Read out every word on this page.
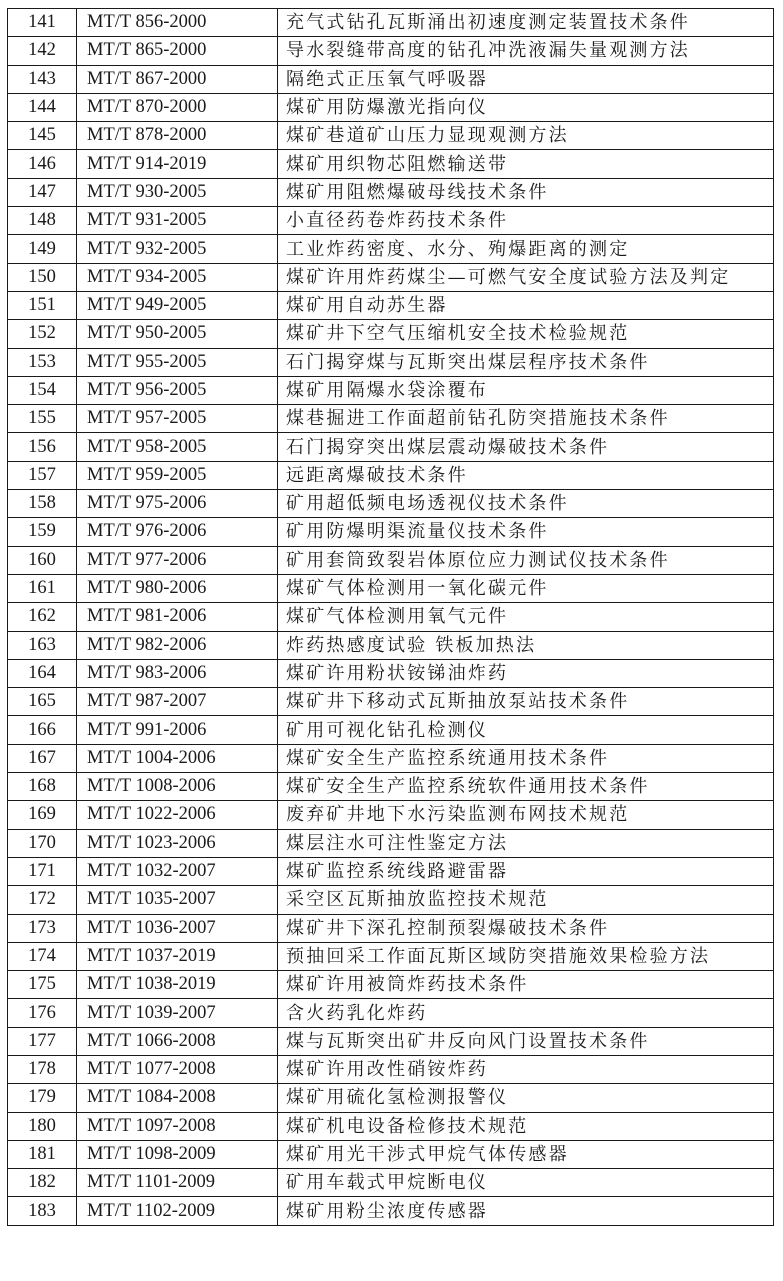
141	MT/T 856-2000	充气式钻孔瓦斯涌出初速度测定装置技术条件
142	MT/T 865-2000	导水裂缝带高度的钻孔冲洗液漏失量观测方法
143	MT/T 867-2000	隔绝式正压氧气呼吸器
144	MT/T 870-2000	煤矿用防爆激光指向仪
145	MT/T 878-2000	煤矿巷道矿山压力显现观测方法
146	MT/T 914-2019	煤矿用织物芯阻燃输送带
147	MT/T 930-2005	煤矿用阻燃爆破母线技术条件
148	MT/T 931-2005	小直径药卷炸药技术条件
149	MT/T 932-2005	工业炸药密度、水分、殉爆距离的测定
150	MT/T 934-2005	煤矿许用炸药煤尘—可燃气安全度试验方法及判定
151	MT/T 949-2005	煤矿用自动苏生器
152	MT/T 950-2005	煤矿井下空气压缩机安全技术检验规范
153	MT/T 955-2005	石门揭穿煤与瓦斯突出煤层程序技术条件
154	MT/T 956-2005	煤矿用隔爆水袋涂覆布
155	MT/T 957-2005	煤巷掘进工作面超前钻孔防突措施技术条件
156	MT/T 958-2005	石门揭穿突出煤层震动爆破技术条件
157	MT/T 959-2005	远距离爆破技术条件
158	MT/T 975-2006	矿用超低频电场透视仪技术条件
159	MT/T 976-2006	矿用防爆明渠流量仪技术条件
160	MT/T 977-2006	矿用套筒致裂岩体原位应力测试仪技术条件
161	MT/T 980-2006	煤矿气体检测用一氧化碳元件
162	MT/T 981-2006	煤矿气体检测用氧气元件
163	MT/T 982-2006	炸药热感度试验 铁板加热法
164	MT/T 983-2006	煤矿许用粉状铵锑油炸药
165	MT/T 987-2007	煤矿井下移动式瓦斯抽放泵站技术条件
166	MT/T 991-2006	矿用可视化钻孔检测仪
167	MT/T 1004-2006	煤矿安全生产监控系统通用技术条件
168	MT/T 1008-2006	煤矿安全生产监控系统软件通用技术条件
169	MT/T 1022-2006	废弃矿井地下水污染监测布网技术规范
170	MT/T 1023-2006	煤层注水可注性鉴定方法
171	MT/T 1032-2007	煤矿监控系统线路避雷器
172	MT/T 1035-2007	采空区瓦斯抽放监控技术规范
173	MT/T 1036-2007	煤矿井下深孔控制预裂爆破技术条件
174	MT/T 1037-2019	预抽回采工作面瓦斯区域防突措施效果检验方法
175	MT/T 1038-2019	煤矿许用被筒炸药技术条件
176	MT/T 1039-2007	含火药乳化炸药
177	MT/T 1066-2008	煤与瓦斯突出矿井反向风门设置技术条件
178	MT/T 1077-2008	煤矿许用改性硝铵炸药
179	MT/T 1084-2008	煤矿用硫化氢检测报警仪
180	MT/T 1097-2008	煤矿机电设备检修技术规范
181	MT/T 1098-2009	煤矿用光干涉式甲烷气体传感器
182	MT/T 1101-2009	矿用车载式甲烷断电仪
183	MT/T 1102-2009	煤矿用粉尘浓度传感器
